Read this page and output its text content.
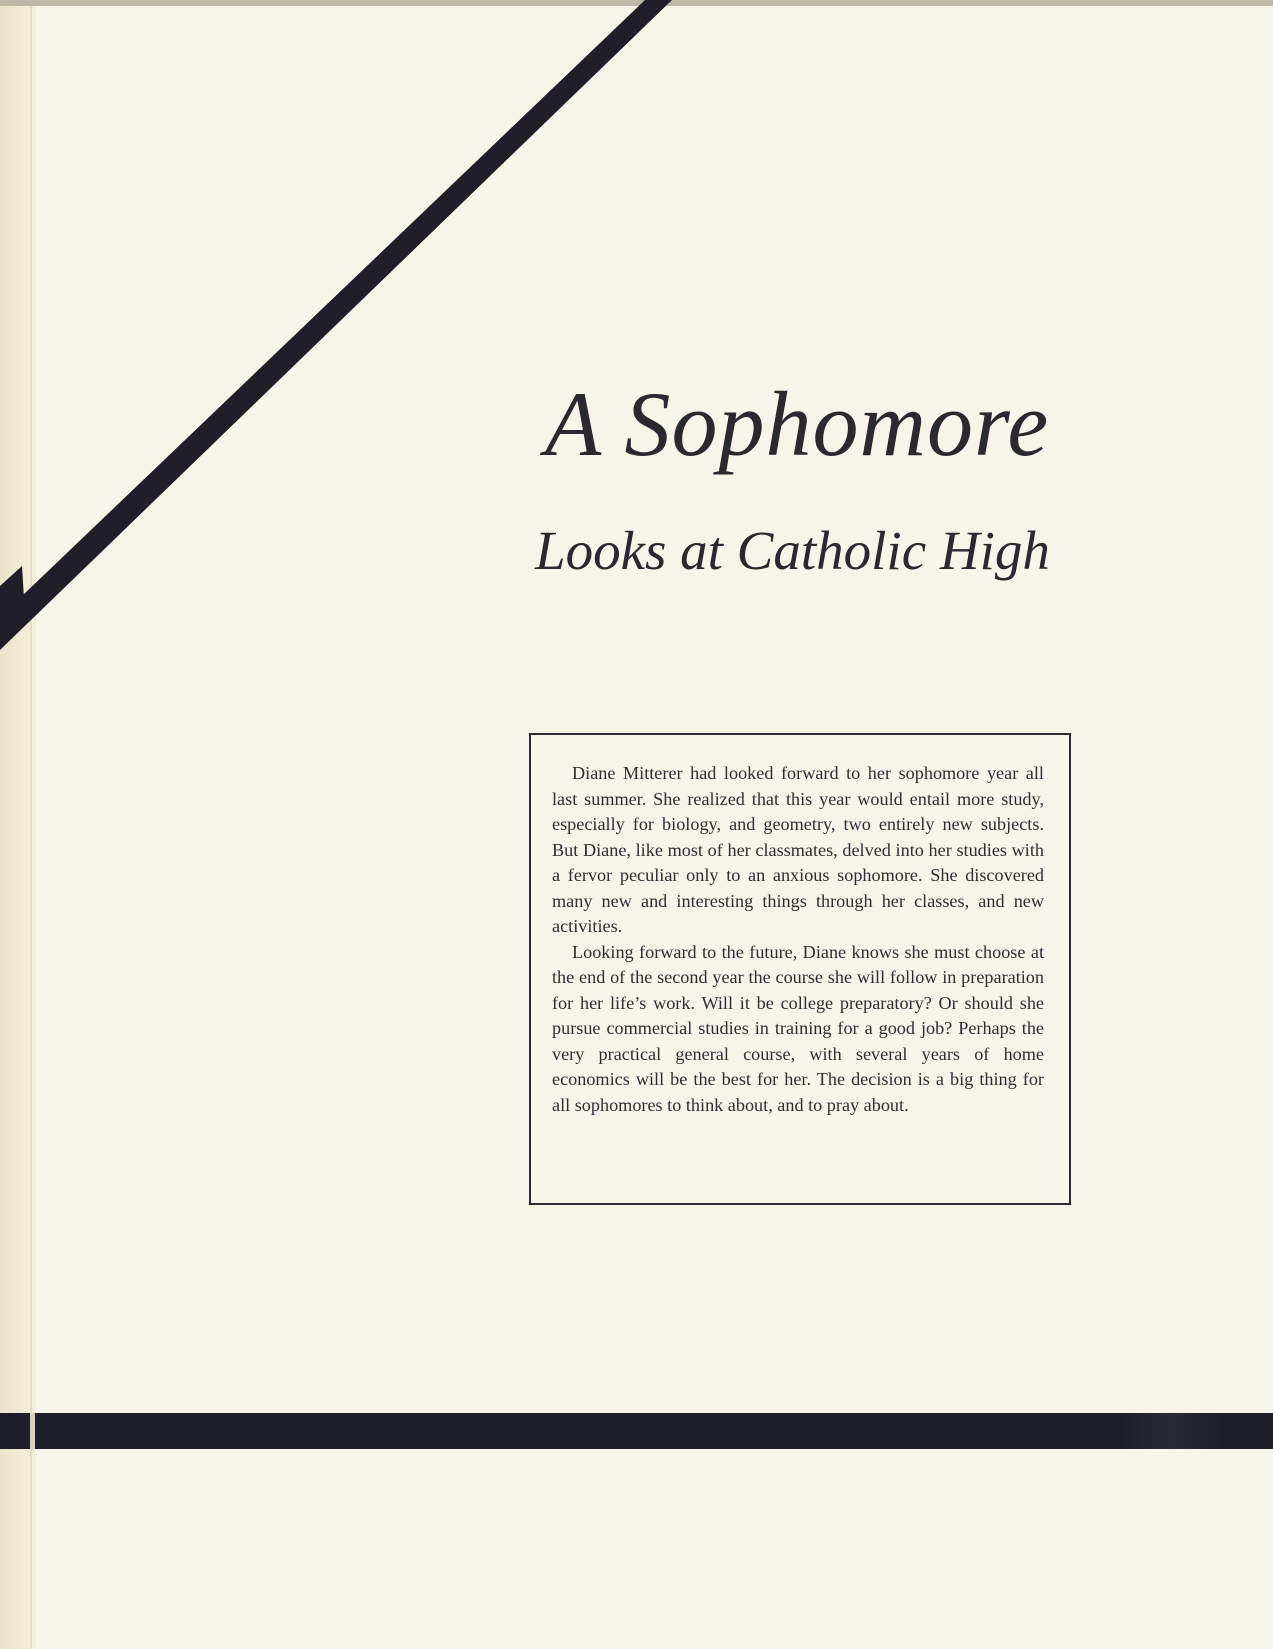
A Sophomore
Looks at Catholic High

Diane Mitterer had looked forward to her sophomore year all last summer. She realized that this year would entail more study, especially for biology, and geometry, two entirely new subjects. But Diane, like most of her classmates, delved into her studies with a fervor peculiar only to an anxious sophomore. She discovered many new and interesting things through her classes, and new activities.

Looking forward to the future, Diane knows she must choose at the end of the second year the course she will follow in preparation for her life’s work. Will it be college preparatory? Or should she pursue commercial studies in training for a good job? Perhaps the very practical general course, with several years of home economics will be the best for her. The decision is a big thing for all sophomores to think about, and to pray about.
